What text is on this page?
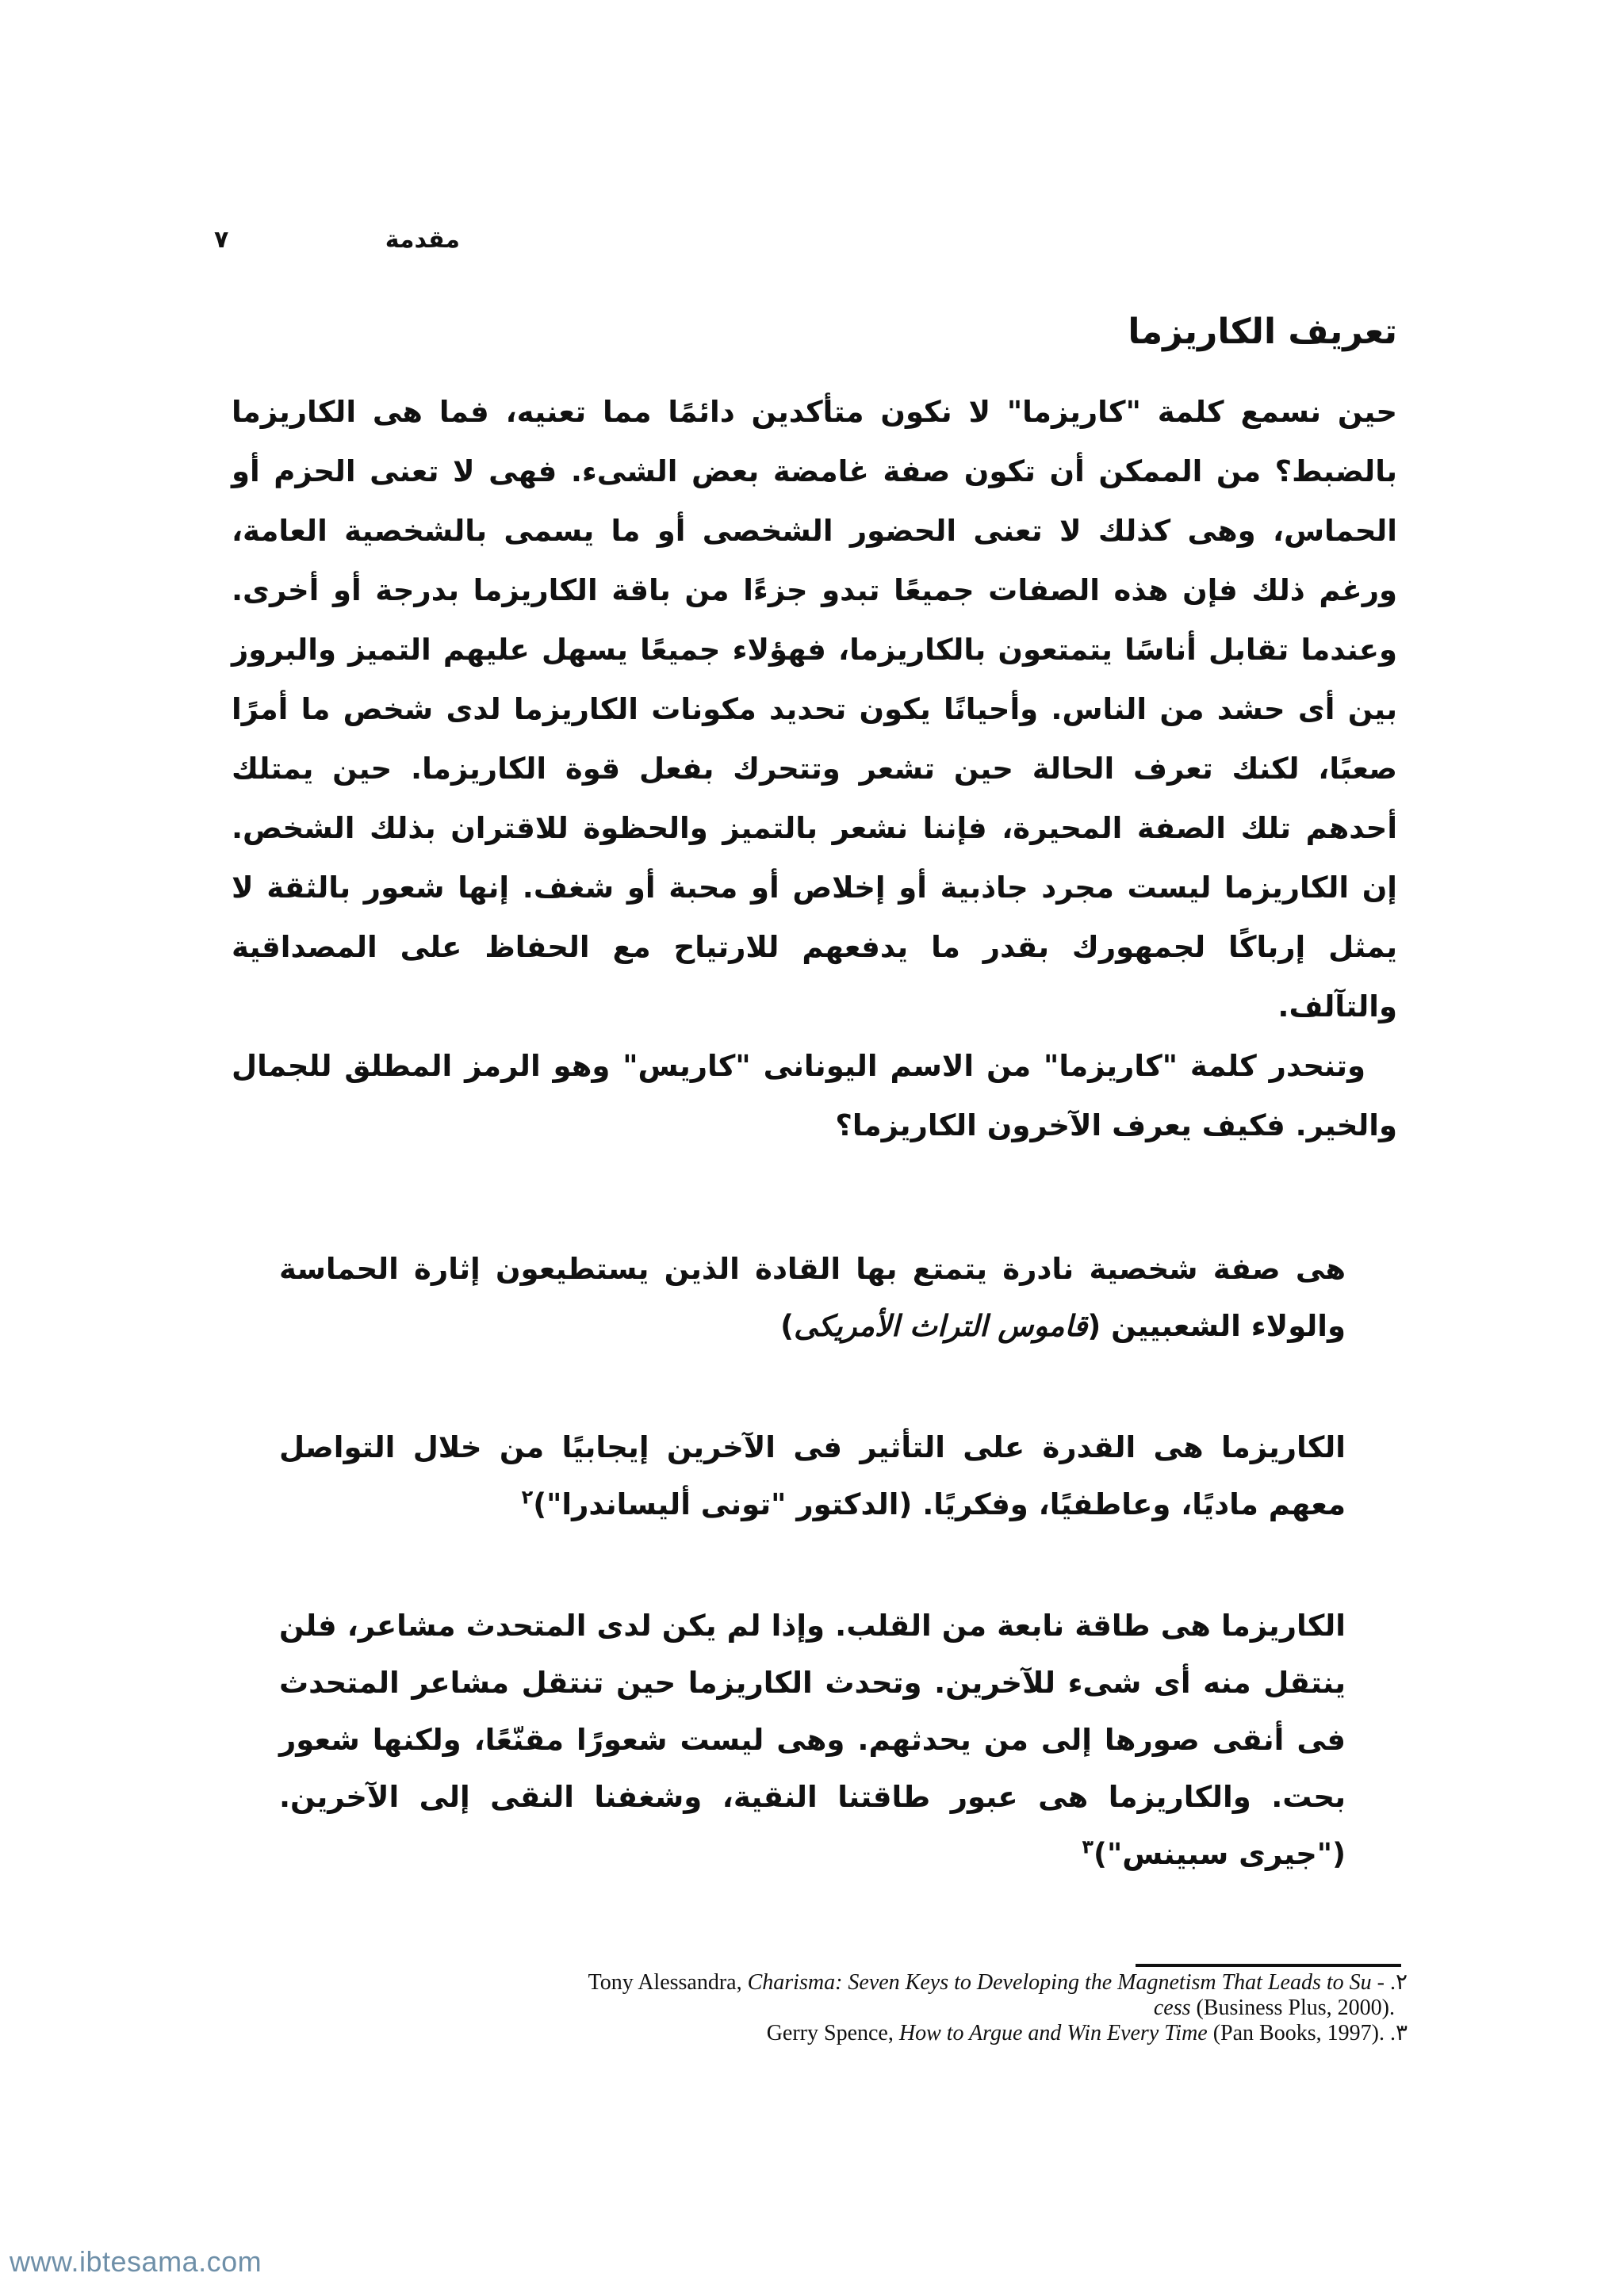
مقدمة
٧
تعريف الكاريزما

حين نسمع كلمة "كاريزما" لا نكون متأكدين دائمًا مما تعنيه، فما هى الكاريزما بالضبط؟ من الممكن أن تكون صفة غامضة بعض الشىء. فهى لا تعنى الحزم أو الحماس، وهى كذلك لا تعنى الحضور الشخصى أو ما يسمى بالشخصية العامة، ورغم ذلك فإن هذه الصفات جميعًا تبدو جزءًا من باقة الكاريزما بدرجة أو أخرى. وعندما تقابل أناسًا يتمتعون بالكاريزما، فهؤلاء جميعًا يسهل عليهم التميز والبروز بين أى حشد من الناس. وأحيانًا يكون تحديد مكونات الكاريزما لدى شخص ما أمرًا صعبًا، لكنك تعرف الحالة حين تشعر وتتحرك بفعل قوة الكاريزما. حين يمتلك أحدهم تلك الصفة المحيرة، فإننا نشعر بالتميز والحظوة للاقتران بذلك الشخص. إن الكاريزما ليست مجرد جاذبية أو إخلاص أو محبة أو شغف. إنها شعور بالثقة لا يمثل إرباكًا لجمهورك بقدر ما يدفعهم للارتياح مع الحفاظ على المصداقية والتآلف.

وتنحدر كلمة "كاريزما" من الاسم اليونانى "كاريس" وهو الرمز المطلق للجمال والخير. فكيف يعرف الآخرون الكاريزما؟

هى صفة شخصية نادرة يتمتع بها القادة الذين يستطيعون إثارة الحماسة والولاء الشعبيين (قاموس التراث الأمريكى)

الكاريزما هى القدرة على التأثير فى الآخرين إيجابيًا من خلال التواصل معهم ماديًا، وعاطفيًا، وفكريًا. (الدكتور "تونى أليساندرا")$^٢$

الكاريزما هى طاقة نابعة من القلب. وإذا لم يكن لدى المتحدث مشاعر، فلن ينتقل منه أى شىء للآخرين. وتحدث الكاريزما حين تنتقل مشاعر المتحدث فى أنقى صورها إلى من يحدثهم. وهى ليست شعورًا مقنّعًا، ولكنها شعور بحت. والكاريزما هى عبور طاقتنا النقية، وشغفنا النقى إلى الآخرين. ("جيرى سبينس")$^٣$

Tony Alessandra, Charisma: Seven Keys to Developing the Magnetism That Leads to Su - .٢
cess (Business Plus, 2000).
Gerry Spence, How to Argue and Win Every Time (Pan Books, 1997). .٣
www.ibtesama.com
